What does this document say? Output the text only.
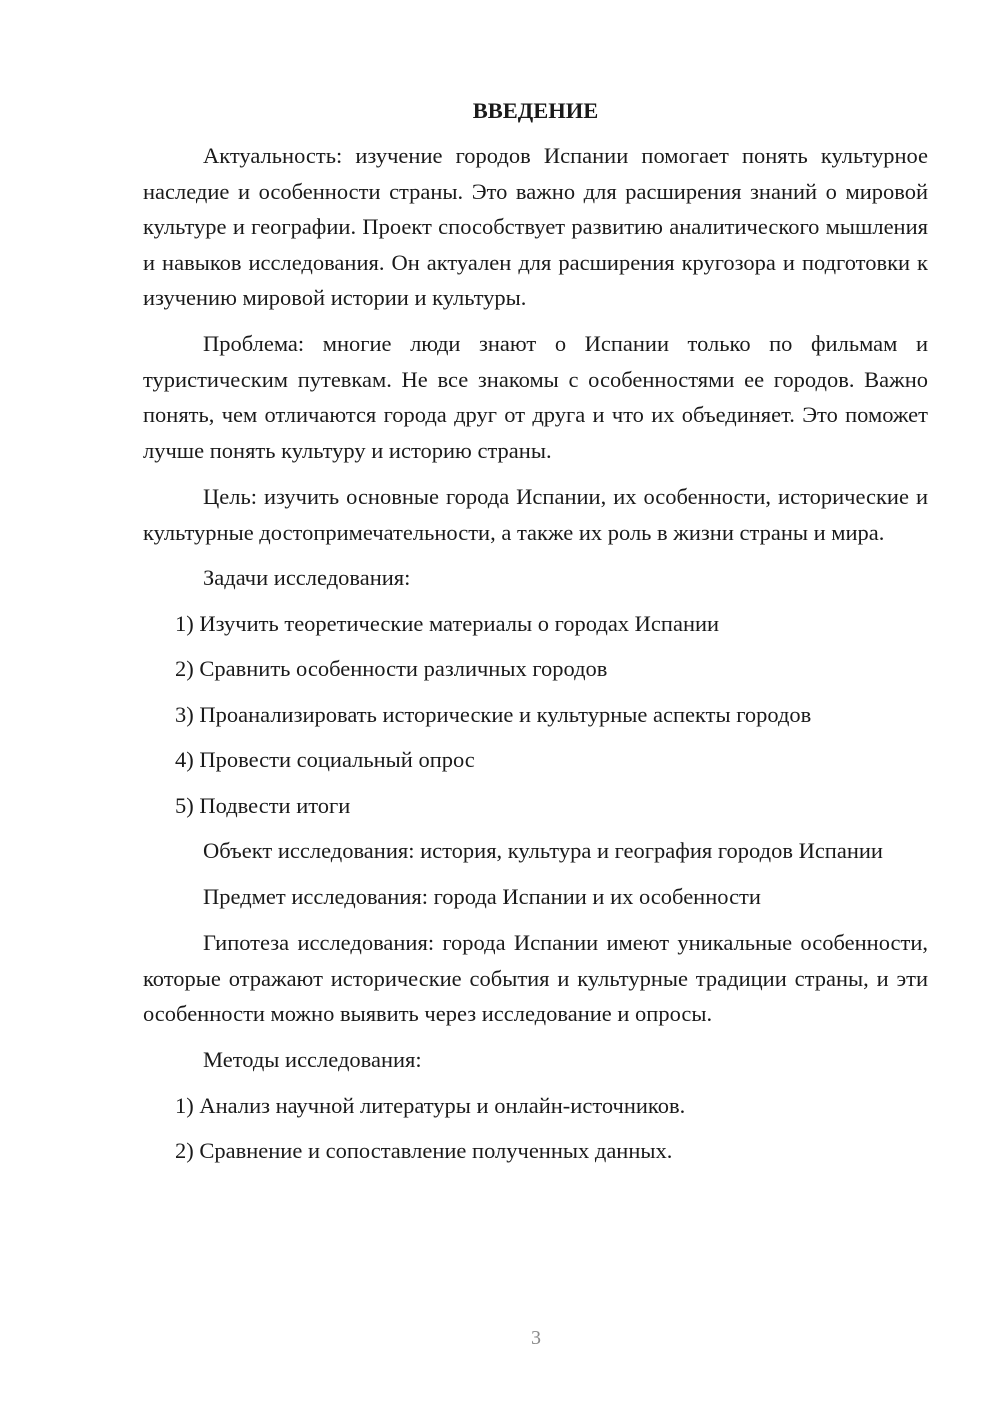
ВВЕДЕНИЕ

Актуальность: изучение городов Испании помогает понять культурное наследие и особенности страны. Это важно для расширения знаний о мировой культуре и географии. Проект способствует развитию аналитического мышления и навыков исследования. Он актуален для расширения кругозора и подготовки к изучению мировой истории и культуры.

Проблема: многие люди знают о Испании только по фильмам и туристическим путевкам. Не все знакомы с особенностями ее городов. Важно понять, чем отличаются города друг от друга и что их объединяет. Это поможет лучше понять культуру и историю страны.

Цель: изучить основные города Испании, их особенности, исторические и культурные достопримечательности, а также их роль в жизни страны и мира.

Задачи исследования:

1) Изучить теоретические материалы о городах Испании
2) Сравнить особенности различных городов
3) Проанализировать исторические и культурные аспекты городов
4) Провести социальный опрос
5) Подвести итоги

Объект исследования: история, культура и география городов Испании

Предмет исследования: города Испании и их особенности

Гипотеза исследования: города Испании имеют уникальные особенности, которые отражают исторические события и культурные традиции страны, и эти особенности можно выявить через исследование и опросы.

Методы исследования:

1) Анализ научной литературы и онлайн-источников.
2) Сравнение и сопоставление полученных данных.
3
